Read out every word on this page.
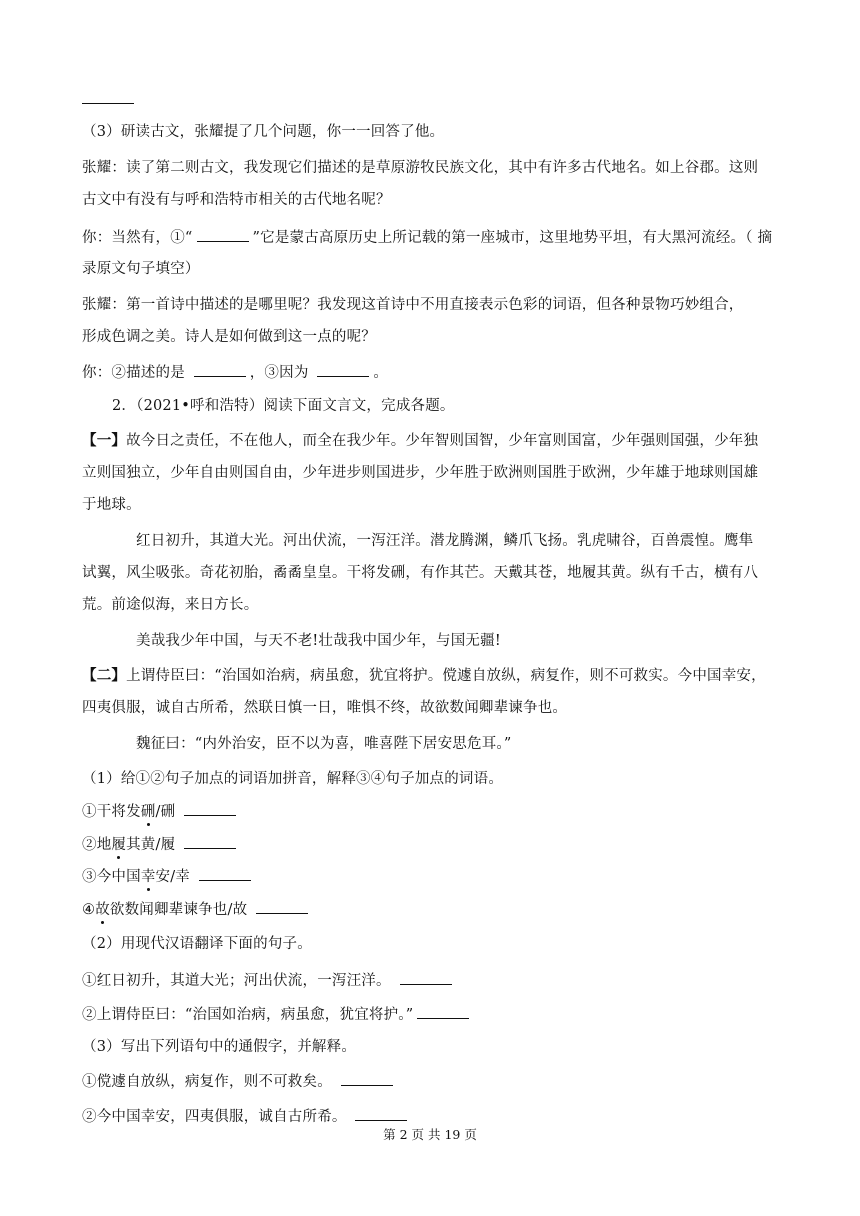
（3）研读古文，张耀提了几个问题，你一一回答了他。
张耀：读了第二则古文，我发现它们描述的是草原游牧民族文化，其中有许多古代地名。如上谷郡。这则
古文中有没有与呼和浩特市相关的古代地名呢？
你：当然有，①“	”它是蒙古高原历史上所记载的第一座城市，这里地势平坦，有大黑河流经。（ 摘
录原文句子填空）
张耀：第一首诗中描述的是哪里呢？我发现这首诗中不用直接表示色彩的词语，但各种景物巧妙组合，
形成色调之美。诗人是如何做到这一点的呢？
你：②描述的是	，③因为	。
2．（2021•呼和浩特）阅读下面文言文，完成各题。
【一】故今日之责任，不在他人，而全在我少年。少年智则国智，少年富则国富，少年强则国强，少年独
立则国独立，少年自由则国自由，少年进步则国进步，少年胜于欧洲则国胜于欧洲，少年雄于地球则国雄
于地球。
红日初升，其道大光。河出伏流，一泻汪洋。潜龙腾渊，鳞爪飞扬。乳虎啸谷，百兽震惶。鹰隼
试翼，风尘吸张。奇花初胎，矞矞皇皇。干将发硎，有作其芒。天戴其苍，地履其黄。纵有千古，横有八
荒。前途似海，来日方长。
美哉我少年中国，与天不老!壮哉我中国少年，与国无疆!
【二】上谓侍臣曰：“治国如治病，病虽愈，犹宜将护。傥遽自放纵，病复作，则不可救实。今中国幸安，
四夷俱服，诚自古所希，然联日慎一日，唯惧不终，故欲数闻卿辈谏争也。
魏征曰：“内外治安，臣不以为喜，唯喜陛下居安思危耳。”
（1）给①②句子加点的词语加拼音，解释③④句子加点的词语。
①干将发硎/硎
②地履其黄/履
③今中国幸安/幸
④故欲数闻卿辈谏争也/故
（2）用现代汉语翻译下面的句子。
①红日初升，其道大光；河出伏流，一泻汪洋。
②上谓侍臣曰：“治国如治病，病虽愈，犹宜将护。”
（3）写出下列语句中的通假字，并解释。
①傥遽自放纵，病复作，则不可救矣。
②今中国幸安，四夷俱服，诚自古所希。
第 2 页 共 19 页
